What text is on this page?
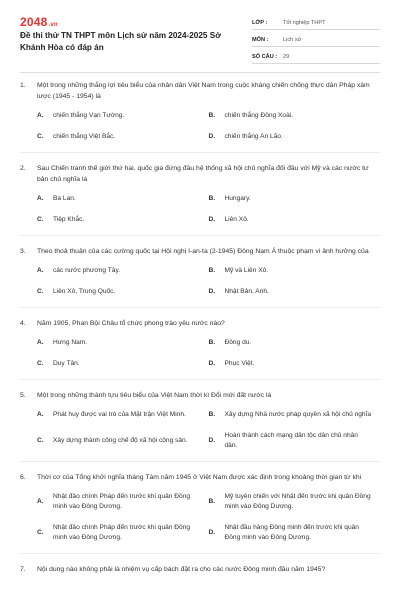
2048.vn
Đề thi thử TN THPT môn Lịch sử năm 2024-2025 Sở Khánh Hòa có đáp án
LỚP :	Tốt nghiệp THPT
MÔN :	Lịch sử
SỐ CÂU :	29
1.	Một trong những thắng lợi tiêu biểu của nhân dân Việt Nam trong cuộc kháng chiến chống thực dân Pháp xâm lược (1945 - 1954) là
A.	chiến thắng Vạn Tường.	B.	chiến thắng Đồng Xoài.
C.	chiến thắng Việt Bắc.	D.	chiến thắng An Lão.
2.	Sau Chiến tranh thế giới thứ hai, quốc gia đứng đầu hệ thống xã hội chủ nghĩa đối đầu với Mỹ và các nước tư bản chủ nghĩa là
A.	Ba Lan.	B.	Hungary.
C.	Tiệp Khắc.	D.	Liên Xô.
3.	Theo thoả thuận của các cường quốc tại Hội nghị I-an-ta (2-1945) Đông Nam Á thuộc phạm vi ảnh hưởng của
A.	các nước phương Tây.	B.	Mỹ và Liên Xô.
C.	Liên Xô, Trung Quốc.	D.	Nhật Bản, Anh.
4.	Năm 1905, Phan Bội Châu tổ chức phong trào yêu nước nào?
A.	Hưng Nam.	B.	Đông du.
C.	Duy Tân.	D.	Phục Việt.
5.	Một trong những thành tựu tiêu biểu của Việt Nam thời kì Đổi mới đất nước là
A.	Phát huy được vai trò của Mặt trận Việt Minh.	B.	Xây dựng Nhà nước pháp quyền xã hội chủ nghĩa
C.	Xây dựng thành công chế độ xã hội cộng sản.	D.
Hoàn thành cách mạng dân tộc dân chủ nhân dân.
6.	Thời cơ của Tổng khởi nghĩa tháng Tám năm 1945 ở Việt Nam được xác định trong khoảng thời gian từ khi
A.
Nhật đảo chính Pháp đến trước khi quân Đồng minh vào Đông Dương.
B.
Mỹ tuyên chiến với Nhật đến trước khi quân Đồng minh vào Đông Dương.
C.
Nhật đảo chính Pháp đến trước khi quân Đồng minh vào Đông Dương.
D.
Nhật đầu hàng Đồng minh đến trước khi quân Đồng minh vào Đông Dương.
7.	Nội dung nào không phải là nhiệm vụ cấp bách đặt ra cho các nước Đông minh đầu năm 1945?
